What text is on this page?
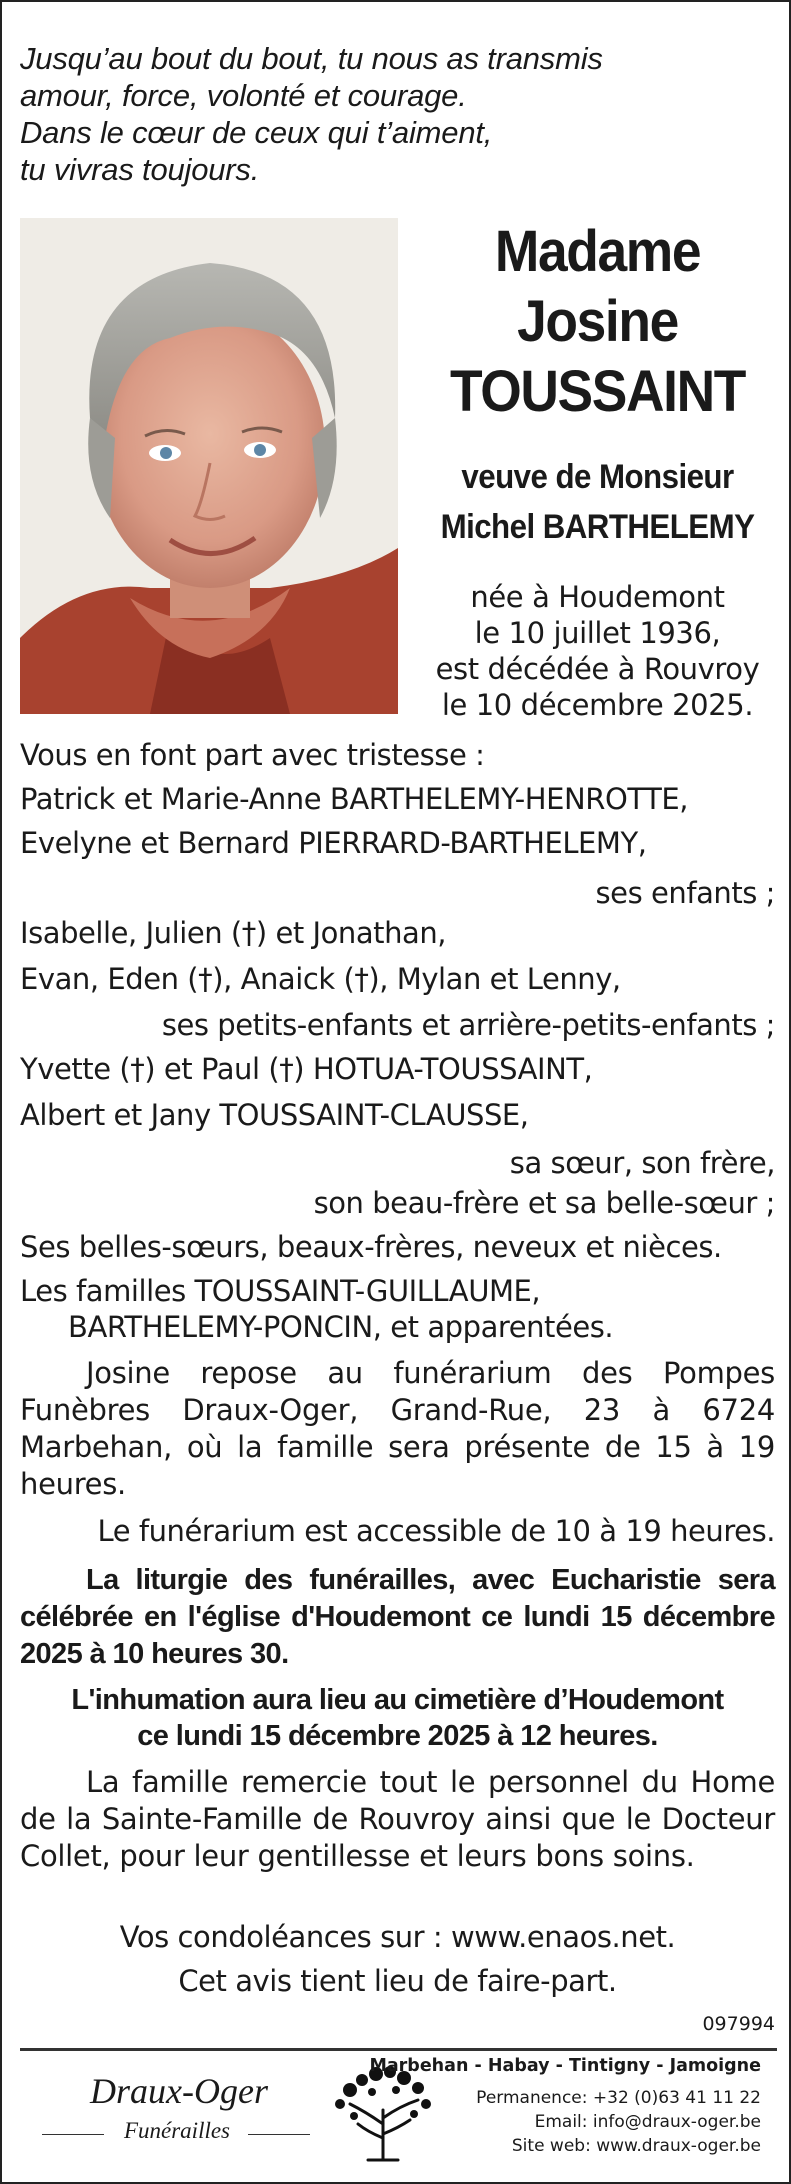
Jusqu’au bout du bout, tu nous as transmis
amour, force, volonté et courage.
Dans le cœur de ceux qui t’aiment,
tu vivras toujours.
Madame
Josine
TOUSSAINT
veuve de Monsieur
Michel BARTHELEMY
née à Houdemont
le 10 juillet 1936,
est décédée à Rouvroy
le 10 décembre 2025.
Vous en font part avec tristesse :
Patrick et Marie-Anne BARTHELEMY-HENROTTE,
Evelyne et Bernard PIERRARD-BARTHELEMY,
ses enfants ;
Isabelle, Julien (†) et Jonathan,
Evan, Eden (†), Anaick (†), Mylan et Lenny,
ses petits-enfants et arrière-petits-enfants ;
Yvette (†) et Paul (†) HOTUA-TOUSSAINT,
Albert et Jany TOUSSAINT-CLAUSSE,
sa sœur, son frère,
son beau-frère et sa belle-sœur ;
Ses belles-sœurs, beaux-frères, neveux et nièces.
Les familles TOUSSAINT-GUILLAUME,
BARTHELEMY-PONCIN, et apparentées.
Josine repose au funérarium des Pompes Funèbres Draux-Oger, Grand-Rue, 23 à 6724 Marbehan, où la famille sera présente de 15 à 19 heures.
Le funérarium est accessible de 10 à 19 heures.
La liturgie des funérailles, avec Eucharistie sera célébrée en l'église d'Houdemont ce lundi 15 décembre 2025 à 10 heures 30.
L'inhumation aura lieu au cimetière d’Houdemont
ce lundi 15 décembre 2025 à 12 heures.
La famille remercie tout le personnel du Home de la Sainte-Famille de Rouvroy ainsi que le Docteur Collet, pour leur gentillesse et leurs bons soins.
Vos condoléances sur : www.enaos.net.
Cet avis tient lieu de faire-part.
097994
Draux-Oger
Funérailles
Marbehan - Habay - Tintigny - Jamoigne
Permanence: +32 (0)63 41 11 22
Email: info@draux-oger.be
Site web: www.draux-oger.be
